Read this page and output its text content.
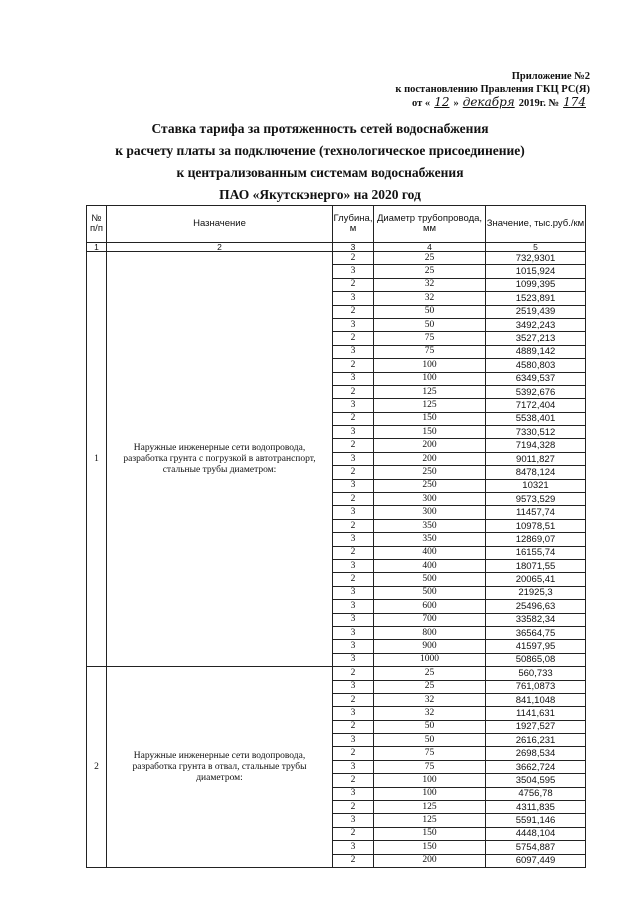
Приложение №2
к постановлению Правления ГКЦ РС(Я)
от « 12 » декабря 2019г. № 174
Ставка тарифа за протяженность сетей водоснабжения
к расчету платы за подключение (технологическое присоединение)
к централизованным системам водоснабжения
ПАО «Якутскэнерго» на 2020 год
№ п/п	Назначение	Глубина, м	Диаметр трубопровода, мм	Значение, тыс.руб./км
1	2	3	4	5
1	Наружные инженерные сети водопровода, разработка грунта с погрузкой в автотранспорт, стальные трубы диаметром:	2	25	732,9301
		3	25	1015,924
		2	32	1099,395
		3	32	1523,891
		2	50	2519,439
		3	50	3492,243
		2	75	3527,213
		3	75	4889,142
		2	100	4580,803
		3	100	6349,537
		2	125	5392,676
		3	125	7172,404
		2	150	5538,401
		3	150	7330,512
		2	200	7194,328
		3	200	9011,827
		2	250	8478,124
		3	250	10321
		2	300	9573,529
		3	300	11457,74
		2	350	10978,51
		3	350	12869,07
		2	400	16155,74
		3	400	18071,55
		2	500	20065,41
		3	500	21925,3
		3	600	25496,63
		3	700	33582,34
		3	800	36564,75
		3	900	41597,95
		3	1000	50865,08
2	Наружные инженерные сети водопровода, разработка грунта в отвал, стальные трубы диаметром:	2	25	560,733
		3	25	761,0873
		2	32	841,1048
		3	32	1141,631
		2	50	1927,527
		3	50	2616,231
		2	75	2698,534
		3	75	3662,724
		2	100	3504,595
		3	100	4756,78
		2	125	4311,835
		3	125	5591,146
		2	150	4448,104
		3	150	5754,887
		2	200	6097,449
